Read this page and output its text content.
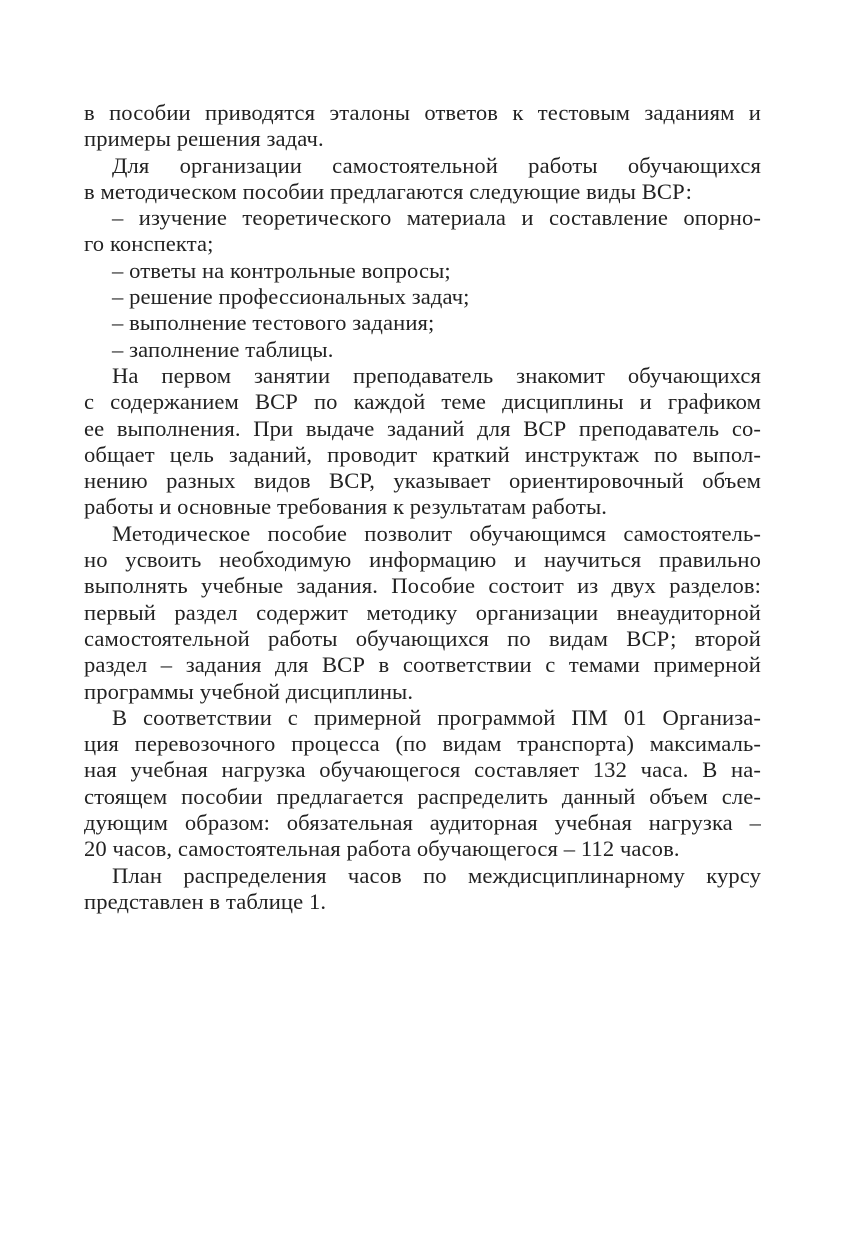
в пособии приводятся эталоны ответов к тестовым заданиям и
примеры решения задач.
Для организации самостоятельной работы обучающихся
в методическом пособии предлагаются следующие виды ВСР:
– изучение теоретического материала и составление опорно-
го конспекта;
– ответы на контрольные вопросы;
– решение профессиональных задач;
– выполнение тестового задания;
– заполнение таблицы.
На первом занятии преподаватель знакомит обучающихся
с содержанием ВСР по каждой теме дисциплины и графиком
ее выполнения. При выдаче заданий для ВСР преподаватель со-
общает цель заданий, проводит краткий инструктаж по выпол-
нению разных видов ВСР, указывает ориентировочный объем
работы и основные требования к результатам работы.
Методическое пособие позволит обучающимся самостоятель-
но усвоить необходимую информацию и научиться правильно
выполнять учебные задания. Пособие состоит из двух разделов:
первый раздел содержит методику организации внеаудиторной
самостоятельной работы обучающихся по видам ВСР; второй
раздел – задания для ВСР в соответствии с темами примерной
программы учебной дисциплины.
В соответствии с примерной программой ПМ 01 Организа-
ция перевозочного процесса (по видам транспорта) максималь-
ная учебная нагрузка обучающегося составляет 132 часа. В на-
стоящем пособии предлагается распределить данный объем сле-
дующим образом: обязательная аудиторная учебная нагрузка –
20 часов, самостоятельная работа обучающегося – 112 часов.
План распределения часов по междисциплинарному курсу
представлен в таблице 1.
